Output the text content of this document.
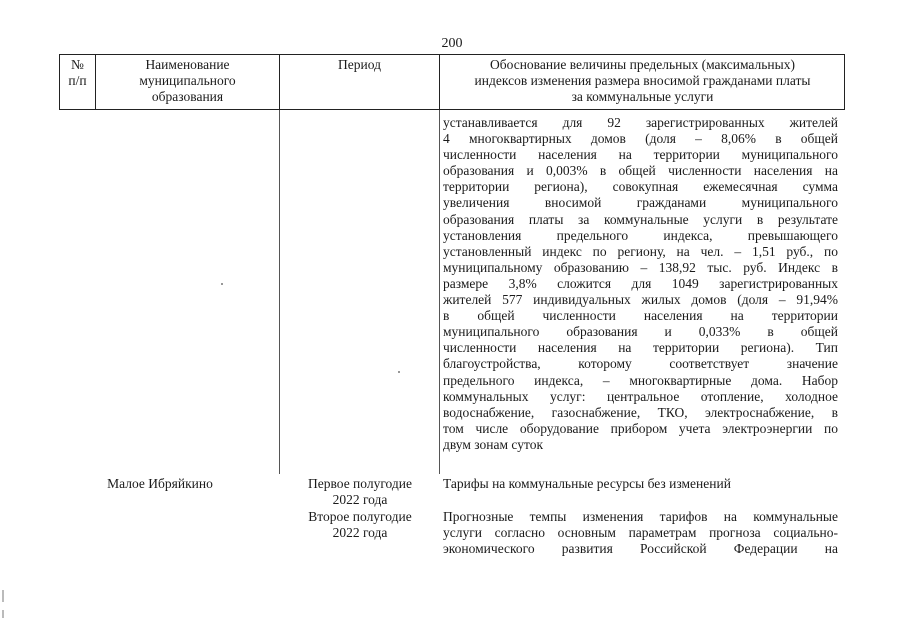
200
№
п/п
Наименование
муниципального
образования
Период	Обоснование величины предельных (максимальных)
индексов изменения размера вносимой гражданами платы
за коммунальные услуги
устанавливается для 92 зарегистрированных жителей
4 многоквартирных домов (доля – 8,06% в общей
численности населения на территории муниципального
образования и 0,003% в общей численности населения на
территории региона), совокупная ежемесячная сумма
увеличения вносимой гражданами муниципального
образования платы за коммунальные услуги в результате
установления предельного индекса, превышающего
установленный индекс по региону, на чел. – 1,51 руб., по
муниципальному образованию – 138,92 тыс. руб. Индекс в
размере 3,8% сложится для 1049 зарегистрированных
жителей 577 индивидуальных жилых домов (доля – 91,94%
в общей численности населения на территории
муниципального образования и 0,033% в общей
численности населения на территории региона). Тип
благоустройства, которому соответствует значение
предельного индекса, – многоквартирные дома. Набор
коммунальных услуг: центральное отопление, холодное
водоснабжение, газоснабжение, ТКО, электроснабжение, в
том числе оборудование прибором учета электроэнергии по
двум зонам суток
Малое Ибряйкино	Первое полугодие
2022 года
Тарифы на коммунальные ресурсы без изменений
Второе полугодие
2022 года
Прогнозные темпы изменения тарифов на коммунальные
услуги согласно основным параметрам прогноза социально-
экономического развития Российской Федерации на
